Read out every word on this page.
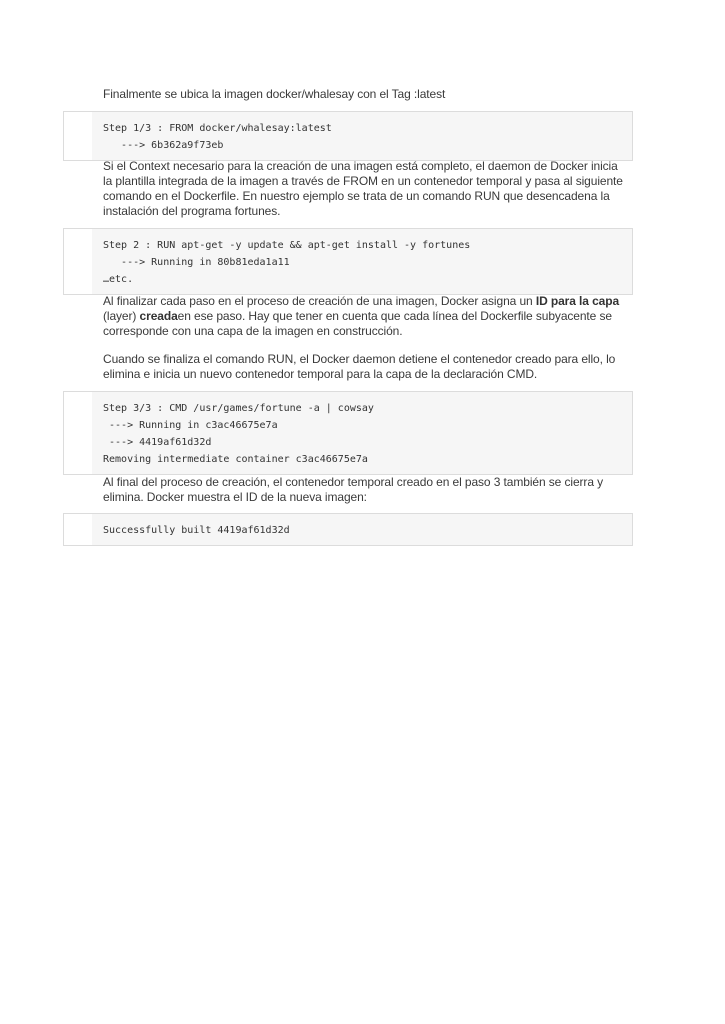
Finalmente se ubica la imagen docker/whalesay con el Tag :latest
Step 1/3 : FROM docker/whalesay:latest
---> 6b362a9f73eb
Si el Context necesario para la creación de una imagen está completo, el daemon de Docker inicia la plantilla integrada de la imagen a través de FROM en un contenedor temporal y pasa al siguiente comando en el Dockerfile. En nuestro ejemplo se trata de un comando RUN que desencadena la instalación del programa fortunes.
Step 2 : RUN apt-get -y update && apt-get install -y fortunes
---> Running in 80b81eda1a11
…etc.
Al finalizar cada paso en el proceso de creación de una imagen, Docker asigna un ID para la capa (layer) creadaen ese paso. Hay que tener en cuenta que cada línea del Dockerfile subyacente se corresponde con una capa de la imagen en construcción.
Cuando se finaliza el comando RUN, el Docker daemon detiene el contenedor creado para ello, lo elimina e inicia un nuevo contenedor temporal para la capa de la declaración CMD.
Step 3/3 : CMD /usr/games/fortune -a | cowsay
---> Running in c3ac46675e7a
---> 4419af61d32d
Removing intermediate container c3ac46675e7a
Al final del proceso de creación, el contenedor temporal creado en el paso 3 también se cierra y elimina. Docker muestra el ID de la nueva imagen:
Successfully built 4419af61d32d
